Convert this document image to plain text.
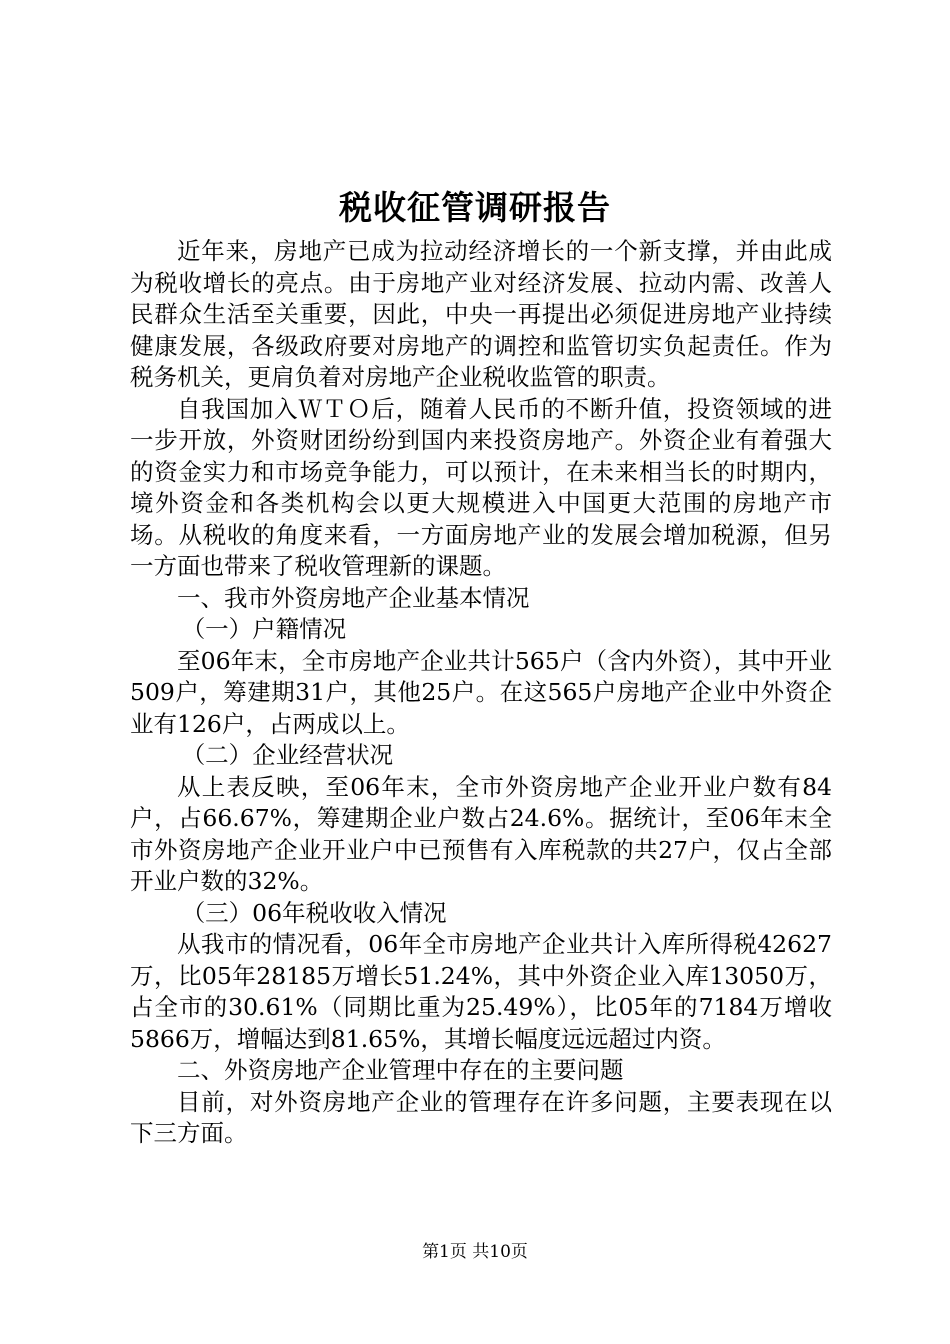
税收征管调研报告

近年来，房地产已成为拉动经济增长的一个新支撑，并由此成为税收增长的亮点。由于房地产业对经济发展、拉动内需、改善人民群众生活至关重要，因此，中央一再提出必须促进房地产业持续健康发展，各级政府要对房地产的调控和监管切实负起责任。作为税务机关，更肩负着对房地产企业税收监管的职责。

自我国加入ＷＴＯ后，随着人民币的不断升值，投资领域的进一步开放，外资财团纷纷到国内来投资房地产。外资企业有着强大的资金实力和市场竞争能力，可以预计，在未来相当长的时期内，境外资金和各类机构会以更大规模进入中国更大范围的房地产市场。从税收的角度来看，一方面房地产业的发展会增加税源，但另一方面也带来了税收管理新的课题。

一、我市外资房地产企业基本情况

（一）户籍情况

至06年末，全市房地产企业共计565户（含内外资），其中开业509户，筹建期31户，其他25户。在这565户房地产企业中外资企业有126户，占两成以上。

（二）企业经营状况

从上表反映，至06年末，全市外资房地产企业开业户数有84户，占66.67%，筹建期企业户数占24.6%。据统计，至06年末全市外资房地产企业开业户中已预售有入库税款的共27户，仅占全部开业户数的32%。

（三）06年税收收入情况

从我市的情况看，06年全市房地产企业共计入库所得税42627万，比05年28185万增长51.24%，其中外资企业入库13050万，占全市的30.61%（同期比重为25.49%），比05年的7184万增收5866万，增幅达到81.65%，其增长幅度远远超过内资。

二、外资房地产企业管理中存在的主要问题

目前，对外资房地产企业的管理存在许多问题，主要表现在以下三方面。

第1页 共10页
